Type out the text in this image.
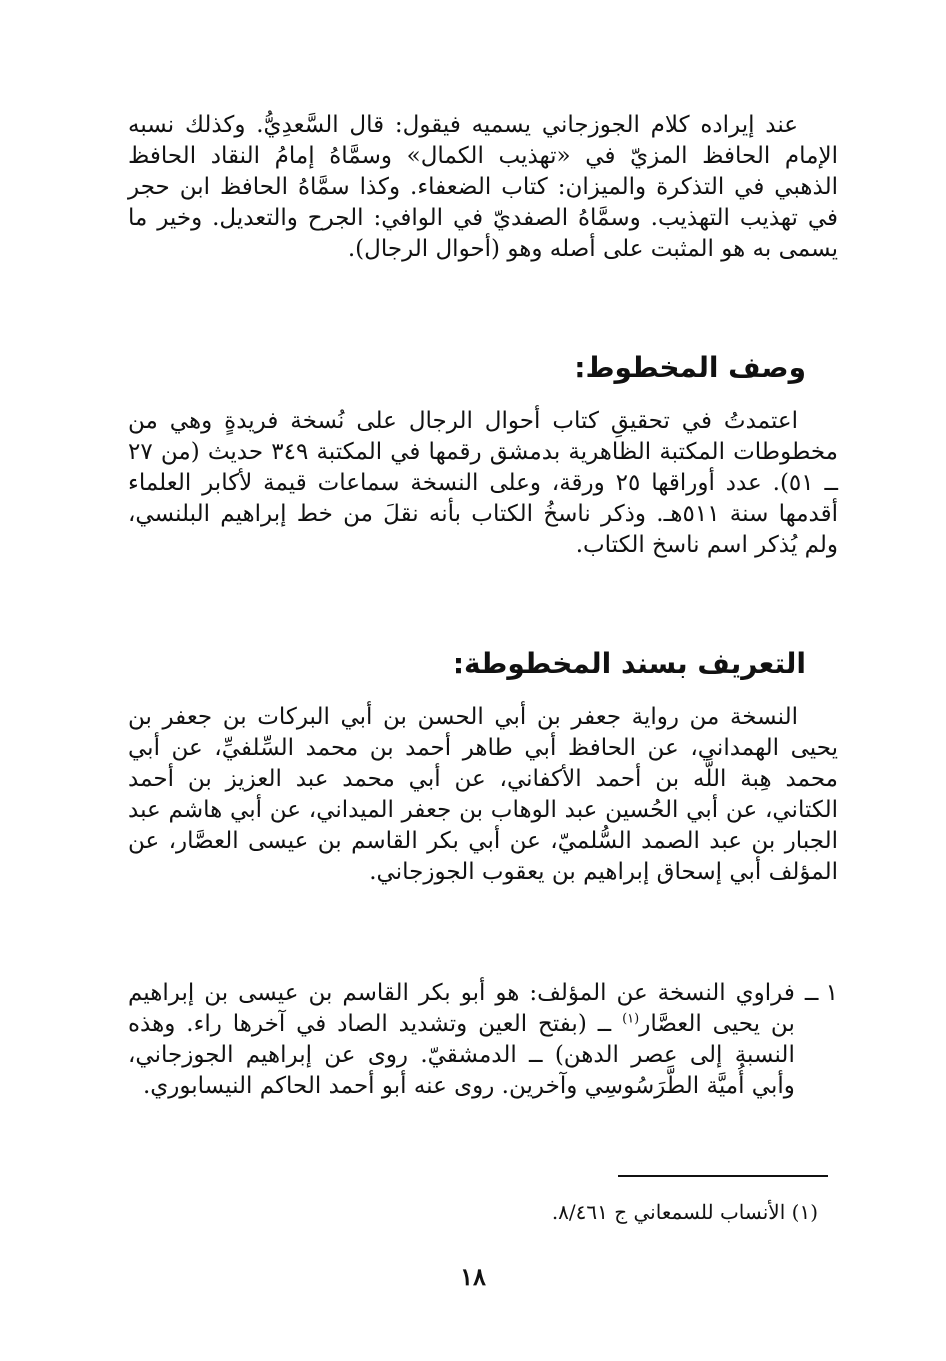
عند إيراده كلام الجوزجاني يسميه فيقول: قال السَّعدِيُّ. وكذلك نسبه الإمام الحافظ المزيّ في «تهذيب الكمال» وسمَّاهُ إمامُ النقاد الحافظ الذهبي في التذكرة والميزان: كتاب الضعفاء. وكذا سمَّاهُ الحافظ ابن حجر في تهذيب التهذيب. وسمَّاهُ الصفديّ في الوافي: الجرح والتعديل. وخير ما يسمى به هو المثبت على أصله وهو (أحوال الرجال).

وصف المخطوط:

اعتمدتُ في تحقيقِ كتاب أحوال الرجال على نُسخة فريدةٍ وهي من مخطوطات المكتبة الظاهرية بدمشق رقمها في المكتبة ٣٤٩ حديث (من ٢٧ ــ ٥١). عدد أوراقها ٢٥ ورقة، وعلى النسخة سماعات قيمة لأكابر العلماء أقدمها سنة ٥١١هـ. وذكر ناسخُ الكتاب بأنه نقلَ من خط إبراهيم البلنسي، ولم يُذكر اسم ناسخ الكتاب.

التعريف بسند المخطوطة:

النسخة من رواية جعفر بن أبي الحسن بن أبي البركات بن جعفر بن يحيى الهمداني، عن الحافظ أبي طاهر أحمد بن محمد السِّلفيِّ، عن أبي محمد هِبة اللَّه بن أحمد الأكفاني، عن أبي محمد عبد العزيز بن أحمد الكتاني، عن أبي الحُسين عبد الوهاب بن جعفر الميداني، عن أبي هاشم عبد الجبار بن عبد الصمد السُّلميّ، عن أبي بكر القاسم بن عيسى العصَّار، عن المؤلف أبي إسحاق إبراهيم بن يعقوب الجوزجاني.

١ ــ
فراوي النسخة عن المؤلف: هو أبو بكر القاسم بن عيسى بن إبراهيم بن يحيى العصَّار$^{(١)}$ ــ (بفتح العين وتشديد الصاد في آخرها راء. وهذه النسبة إلى عصر الدهن) ــ الدمشقيّ. روى عن إبراهيم الجوزجاني، وأبي أُميَّة الطَّرَسُوسِي وآخرين. روى عنه أبو أحمد الحاكم النيسابوري.
(١) الأنساب للسمعاني ج ٨/٤٦١.
١٨
